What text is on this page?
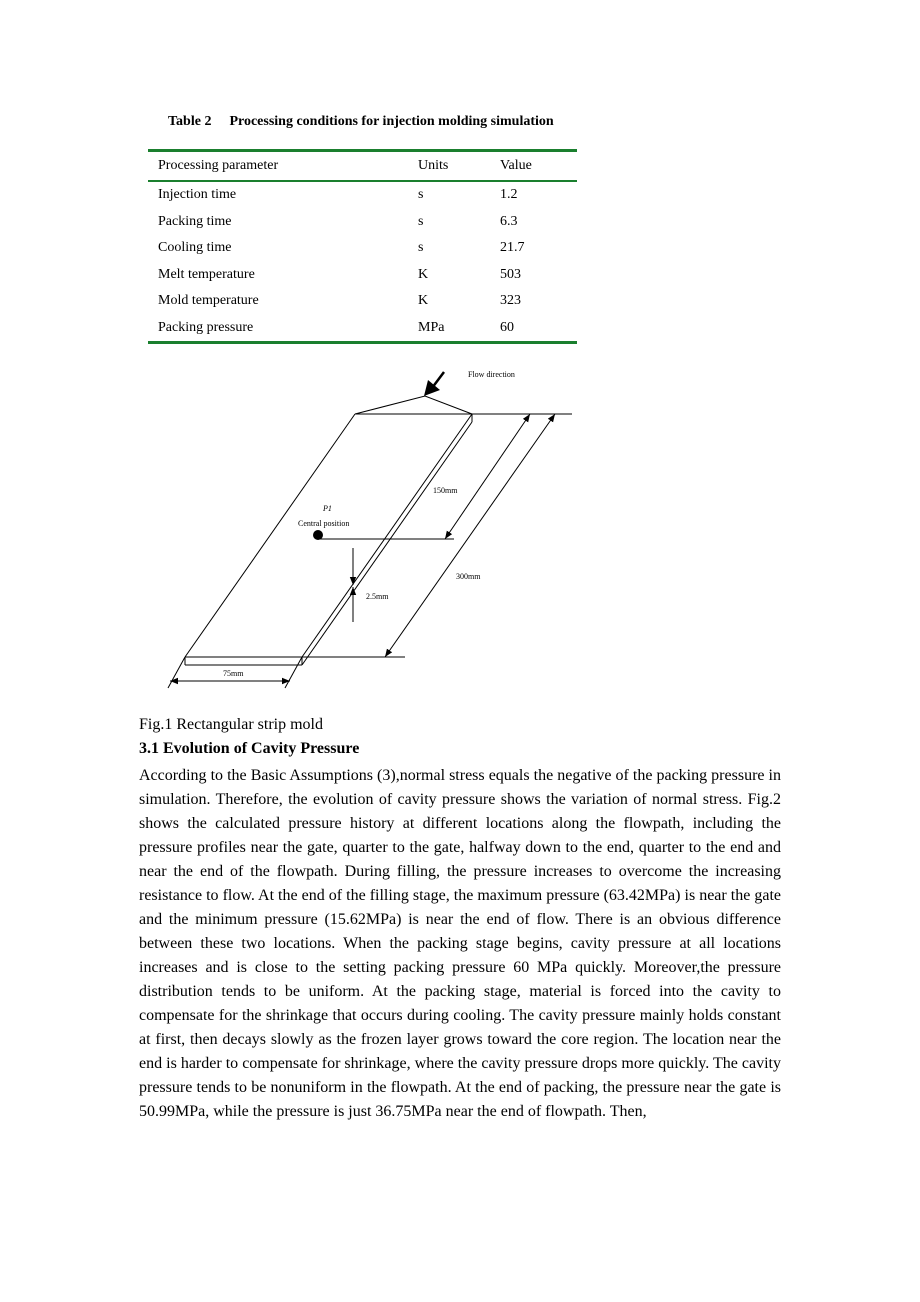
Table 2 Processing conditions for injection molding simulation
Processing parameter	Units	Value
Injection time	s	1.2
Packing time	s	6.3
Cooling time	s	21.7
Melt temperature	K	503
Mold temperature	K	323
Packing pressure	MPa	60
Flow direction
150mm
P1
Central position
300mm
2.5mm
75mm
Fig.1 Rectangular strip mold
3.1 Evolution of Cavity Pressure

According to the Basic Assumptions (3),normal stress equals the negative of the packing pressure in simulation. Therefore, the evolution of cavity pressure shows the variation of normal stress. Fig.2 shows the calculated pressure history at different locations along the flowpath, including the pressure profiles near the gate, quarter to the gate, halfway down to the end, quarter to the end and near the end of the flowpath. During filling, the pressure increases to overcome the increasing resistance to flow. At the end of the filling stage, the maximum pressure (63.42MPa) is near the gate and the minimum pressure (15.62MPa) is near the end of flow. There is an obvious difference between these two locations. When the packing stage begins, cavity pressure at all locations increases and is close to the setting packing pressure 60 MPa quickly. Moreover,the pressure distribution tends to be uniform. At the packing stage, material is forced into the cavity to compensate for the shrinkage that occurs during cooling. The cavity pressure mainly holds constant at first, then decays slowly as the frozen layer grows toward the core region. The location near the end is harder to compensate for shrinkage, where the cavity pressure drops more quickly. The cavity pressure tends to be nonuniform in the flowpath. At the end of packing, the pressure near the gate is 50.99MPa, while the pressure is just 36.75MPa near the end of flowpath. Then,
